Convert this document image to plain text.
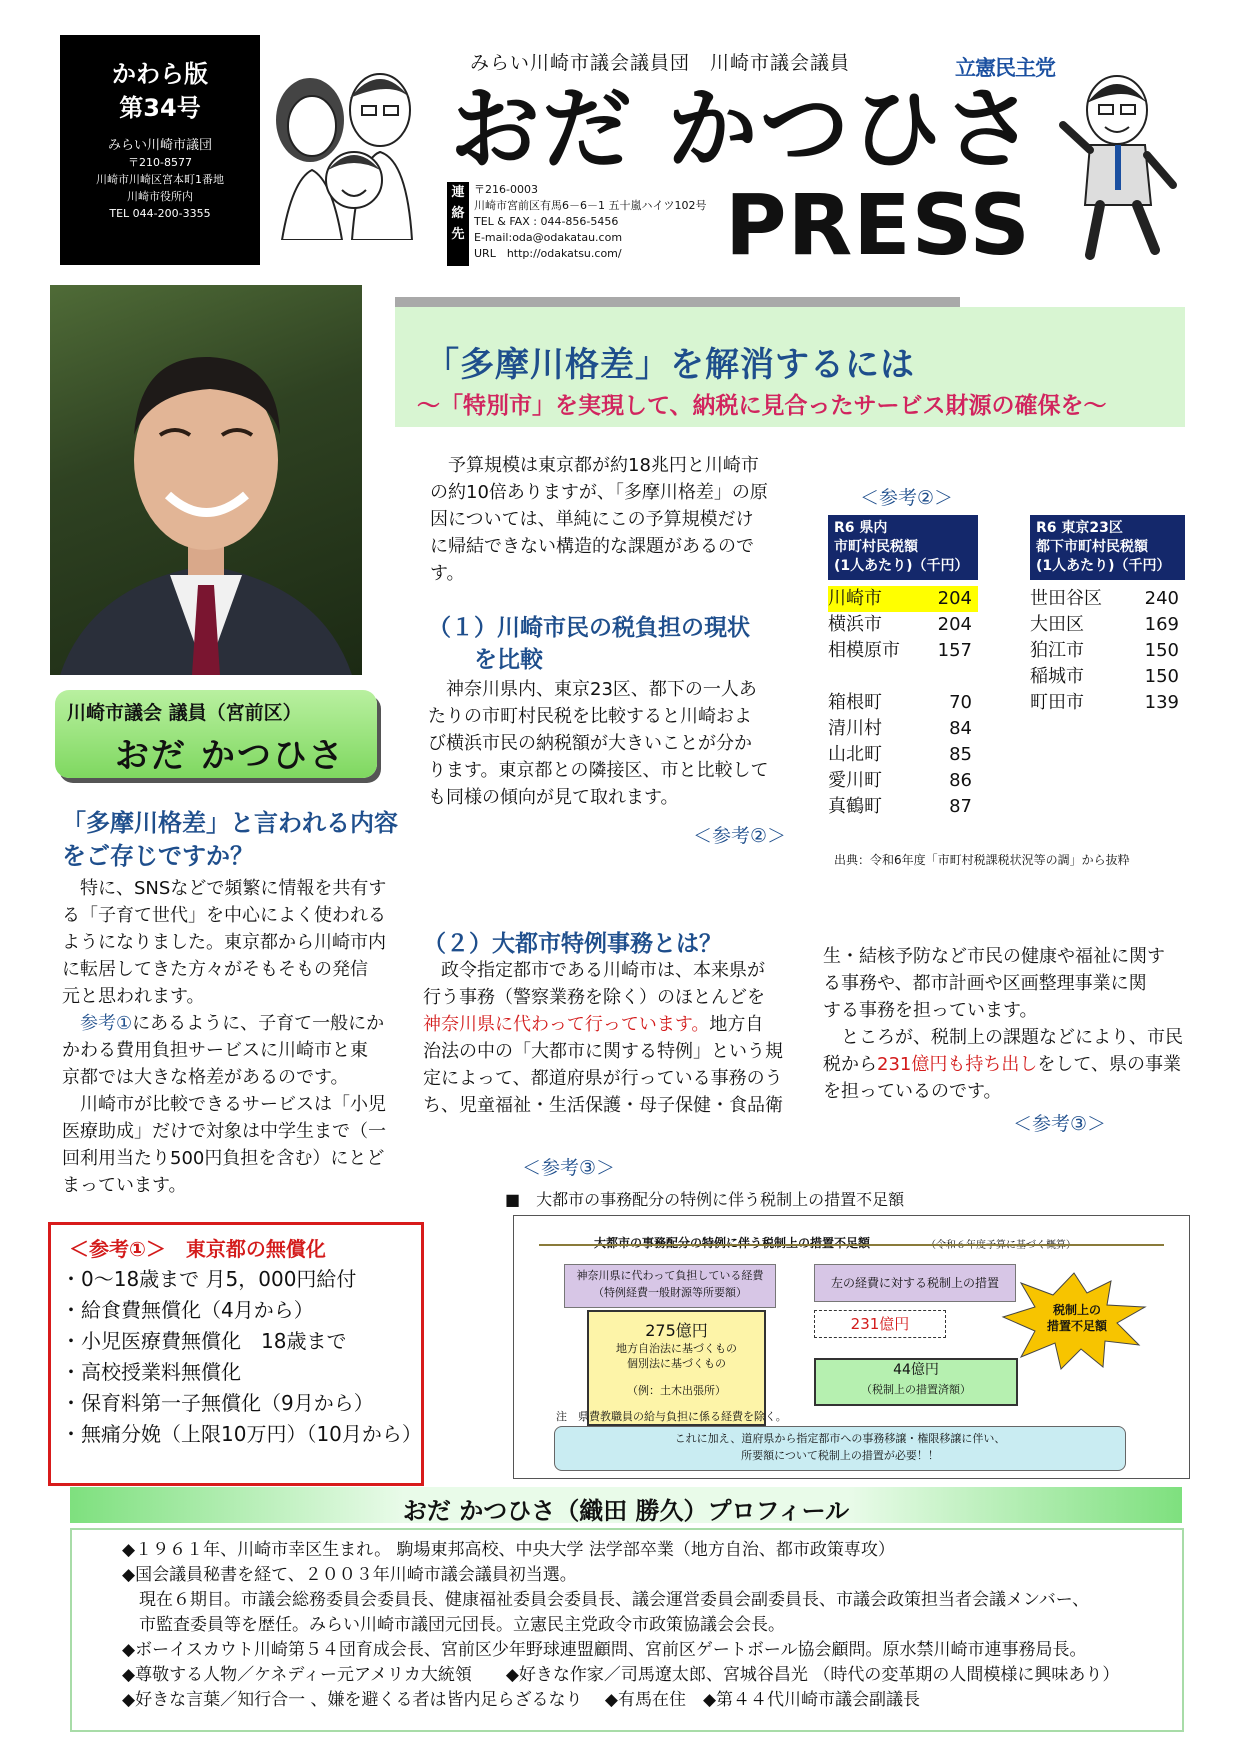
かわら版
第34号
みらい川崎市議団
〒210-8577
川崎市川崎区宮本町1番地
川崎市役所内
TEL 044-200-3355
みらい川崎市議会議員団　川崎市議会議員	立憲民主党
おだ かつひさ
PRESS
連絡先
〒216-0003
川崎市宮前区有馬6－6－1 五十嵐ハイツ102号
TEL & FAX : 044-856-5456
E-mail:oda@odakatau.com
URL　http://odakatsu.com/
川崎市議会 議員（宮前区）
おだ かつひさ
「多摩川格差」を解消するには
～「特別市」を実現して、納税に見合ったサービス財源の確保を～
「多摩川格差」と言われる内容
をご存じですか？
特に、SNSなどで頻繁に情報を共有す
る「子育て世代」を中心によく使われる
ようになりました。東京都から川崎市内
に転居してきた方々がそもそもの発信
元と思われます。
参考①にあるように、子育て一般にか
かわる費用負担サービスに川崎市と東
京都では大きな格差があるのです。
川崎市が比較できるサービスは「小児
医療助成」だけで対象は中学生まで（一
回利用当たり500円負担を含む）にとど
まっています。
＜参考①＞　東京都の無償化
・0～18歳まで 月5，000円給付
・給食費無償化（4月から）
・小児医療費無償化　18歳まで
・高校授業料無償化
・保育料第一子無償化（9月から）
・無痛分娩（上限10万円）（10月から）
予算規模は東京都が約18兆円と川崎市
の約10倍ありますが、「多摩川格差」の原
因については、単純にこの予算規模だけ
に帰結できない構造的な課題があるので
す。
（１）川崎市民の税負担の現状
を比較
神奈川県内、東京23区、都下の一人あ
たりの市町村民税を比較すると川崎およ
び横浜市民の納税額が大きいことが分か
ります。東京都との隣接区、市と比較して
も同様の傾向が見て取れます。
＜参考②＞
＜参考②＞
R6 県内
市町村民税額
(1人あたり)（千円）
川崎市	204
横浜市	204
相模原市 157
箱根町	70
清川村	84
山北町	85
愛川町	86
真鶴町	87
R6 東京23区
都下市町村民税額
(1人あたり)（千円）
世田谷区 240
大田区	169
狛江市	150
稲城市	150
町田市	139
出典：令和6年度「市町村税課税状況等の調」から抜粋
（２）大都市特例事務とは？
政令指定都市である川崎市は、本来県が
行う事務（警察業務を除く）のほとんどを
神奈川県に代わって行っています。地方自
治法の中の「大都市に関する特例」という規
定によって、都道府県が行っている事務のう
ち、児童福祉・生活保護・母子保健・食品衛
生・結核予防など市民の健康や福祉に関す
る事務や、都市計画や区画整理事業に関
する事務を担っています。
ところが、税制上の課題などにより、市民
税から231億円も持ち出しをして、県の事業
を担っているのです。
＜参考③＞
＜参考③＞
■　大都市の事務配分の特例に伴う税制上の措置不足額
大都市の事務配分の特例に伴う税制上の措置不足額	（令和６年度予算に基づく概算）
神奈川県に代わって負担している経費
（特例経費一般財源等所要額）
左の経費に対する税制上の措置
275億円
地方自治法に基づくもの
個別法に基づくもの
（例：土木出張所）
231億円
44億円
（税制上の措置済額）
税制上の
措置不足額
注　県費教職員の給与負担に係る経費を除く。
これに加え、道府県から指定都市への事務移譲・権限移譲に伴い、
所要額について税制上の措置が必要！！
おだ かつひさ（織田 勝久）プロフィール
◆１９６１年、川崎市幸区生まれ。 駒場東邦高校、中央大学 法学部卒業（地方自治、都市政策専攻）
◆国会議員秘書を経て、２００３年川崎市議会議員初当選。
　現在６期目。市議会総務委員会委員長、健康福祉委員会委員長、議会運営委員会副委員長、市議会政策担当者会議メンバー、
　市監査委員等を歴任。みらい川崎市議団元団長。立憲民主党政令市政策協議会会長。
◆ボーイスカウト川崎第５４団育成会長、宮前区少年野球連盟顧問、宮前区ゲートボール協会顧問。原水禁川崎市連事務局長。
◆尊敬する人物／ケネディー元アメリカ大統領　　◆好きな作家／司馬遼太郎、宮城谷昌光 （時代の変革期の人間模様に興味あり）
◆好きな言葉／知行合一 、嫌を避くる者は皆内足らざるなり　 ◆有馬在住　◆第４４代川崎市議会副議長
